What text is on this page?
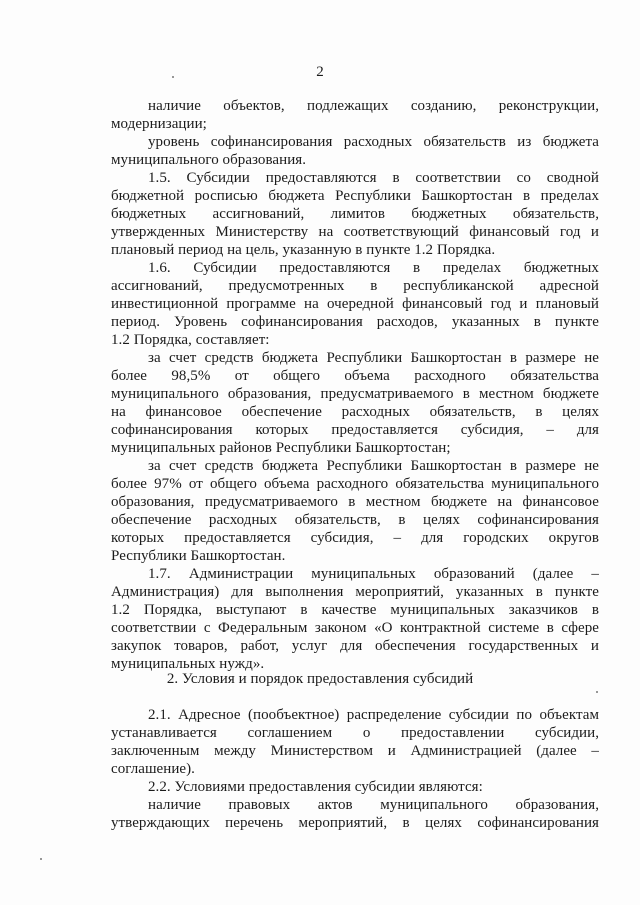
2
наличие объектов, подлежащих созданию, реконструкции,
модернизации;
уровень софинансирования расходных обязательств из бюджета
муниципального образования.
1.5. Субсидии предоставляются в соответствии со сводной
бюджетной росписью бюджета Республики Башкортостан в пределах
бюджетных ассигнований, лимитов бюджетных обязательств,
утвержденных Министерству на соответствующий финансовый год и
плановый период на цель, указанную в пункте 1.2 Порядка.
1.6. Субсидии предоставляются в пределах бюджетных
ассигнований, предусмотренных в республиканской адресной
инвестиционной программе на очередной финансовый год и плановый
период. Уровень софинансирования расходов, указанных в пункте
1.2 Порядка, составляет:
за счет средств бюджета Республики Башкортостан в размере не
более 98,5% от общего объема расходного обязательства
муниципального образования, предусматриваемого в местном бюджете
на финансовое обеспечение расходных обязательств, в целях
софинансирования которых предоставляется субсидия, – для
муниципальных районов Республики Башкортостан;
за счет средств бюджета Республики Башкортостан в размере не
более 97% от общего объема расходного обязательства муниципального
образования, предусматриваемого в местном бюджете на финансовое
обеспечение расходных обязательств, в целях софинансирования
которых предоставляется субсидия, – для городских округов
Республики Башкортостан.
1.7. Администрации муниципальных образований (далее –
Администрация) для выполнения мероприятий, указанных в пункте
1.2 Порядка, выступают в качестве муниципальных заказчиков в
соответствии с Федеральным законом «О контрактной системе в сфере
закупок товаров, работ, услуг для обеспечения государственных и
муниципальных нужд».
2. Условия и порядок предоставления субсидий
2.1. Адресное (пообъектное) распределение субсидии по объектам
устанавливается соглашением о предоставлении субсидии,
заключенным между Министерством и Администрацией (далее –
соглашение).
2.2. Условиями предоставления субсидии являются:
наличие правовых актов муниципального образования,
утверждающих перечень мероприятий, в целях софинансирования
